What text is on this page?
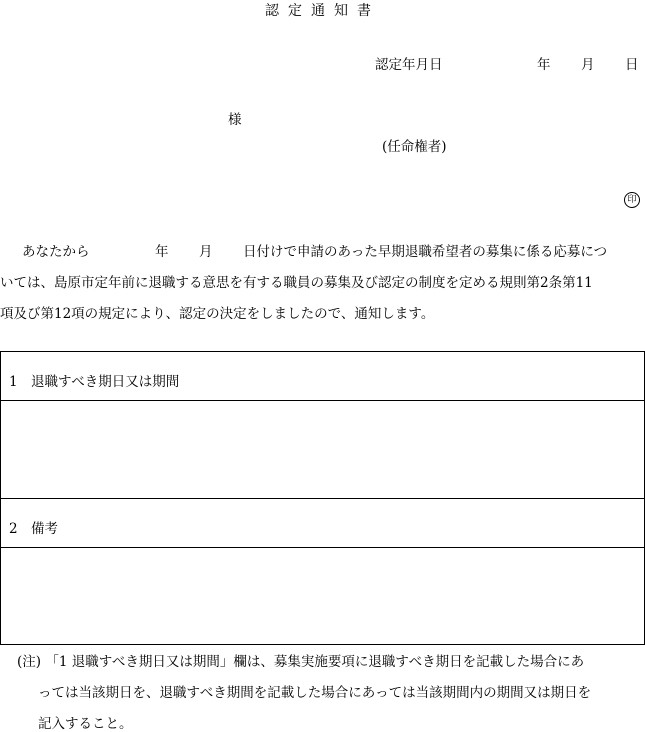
認定通知書
認定年月日	年 月 日
様
(任命権者)
印
あなたから	年 月 日付けで申請のあった早期退職希望者の募集に係る応募につ
いては、島原市定年前に退職する意思を有する職員の募集及び認定の制度を定める規則第2条第11
項及び第12項の規定により、認定の決定をしましたので、通知します。
1 退職すべき期日又は期間
2 備考
(注) 「1 退職すべき期日又は期間」欄は、募集実施要項に退職すべき期日を記載した場合にあ
っては当該期日を、退職すべき期間を記載した場合にあっては当該期間内の期間又は期日を
記入すること。
